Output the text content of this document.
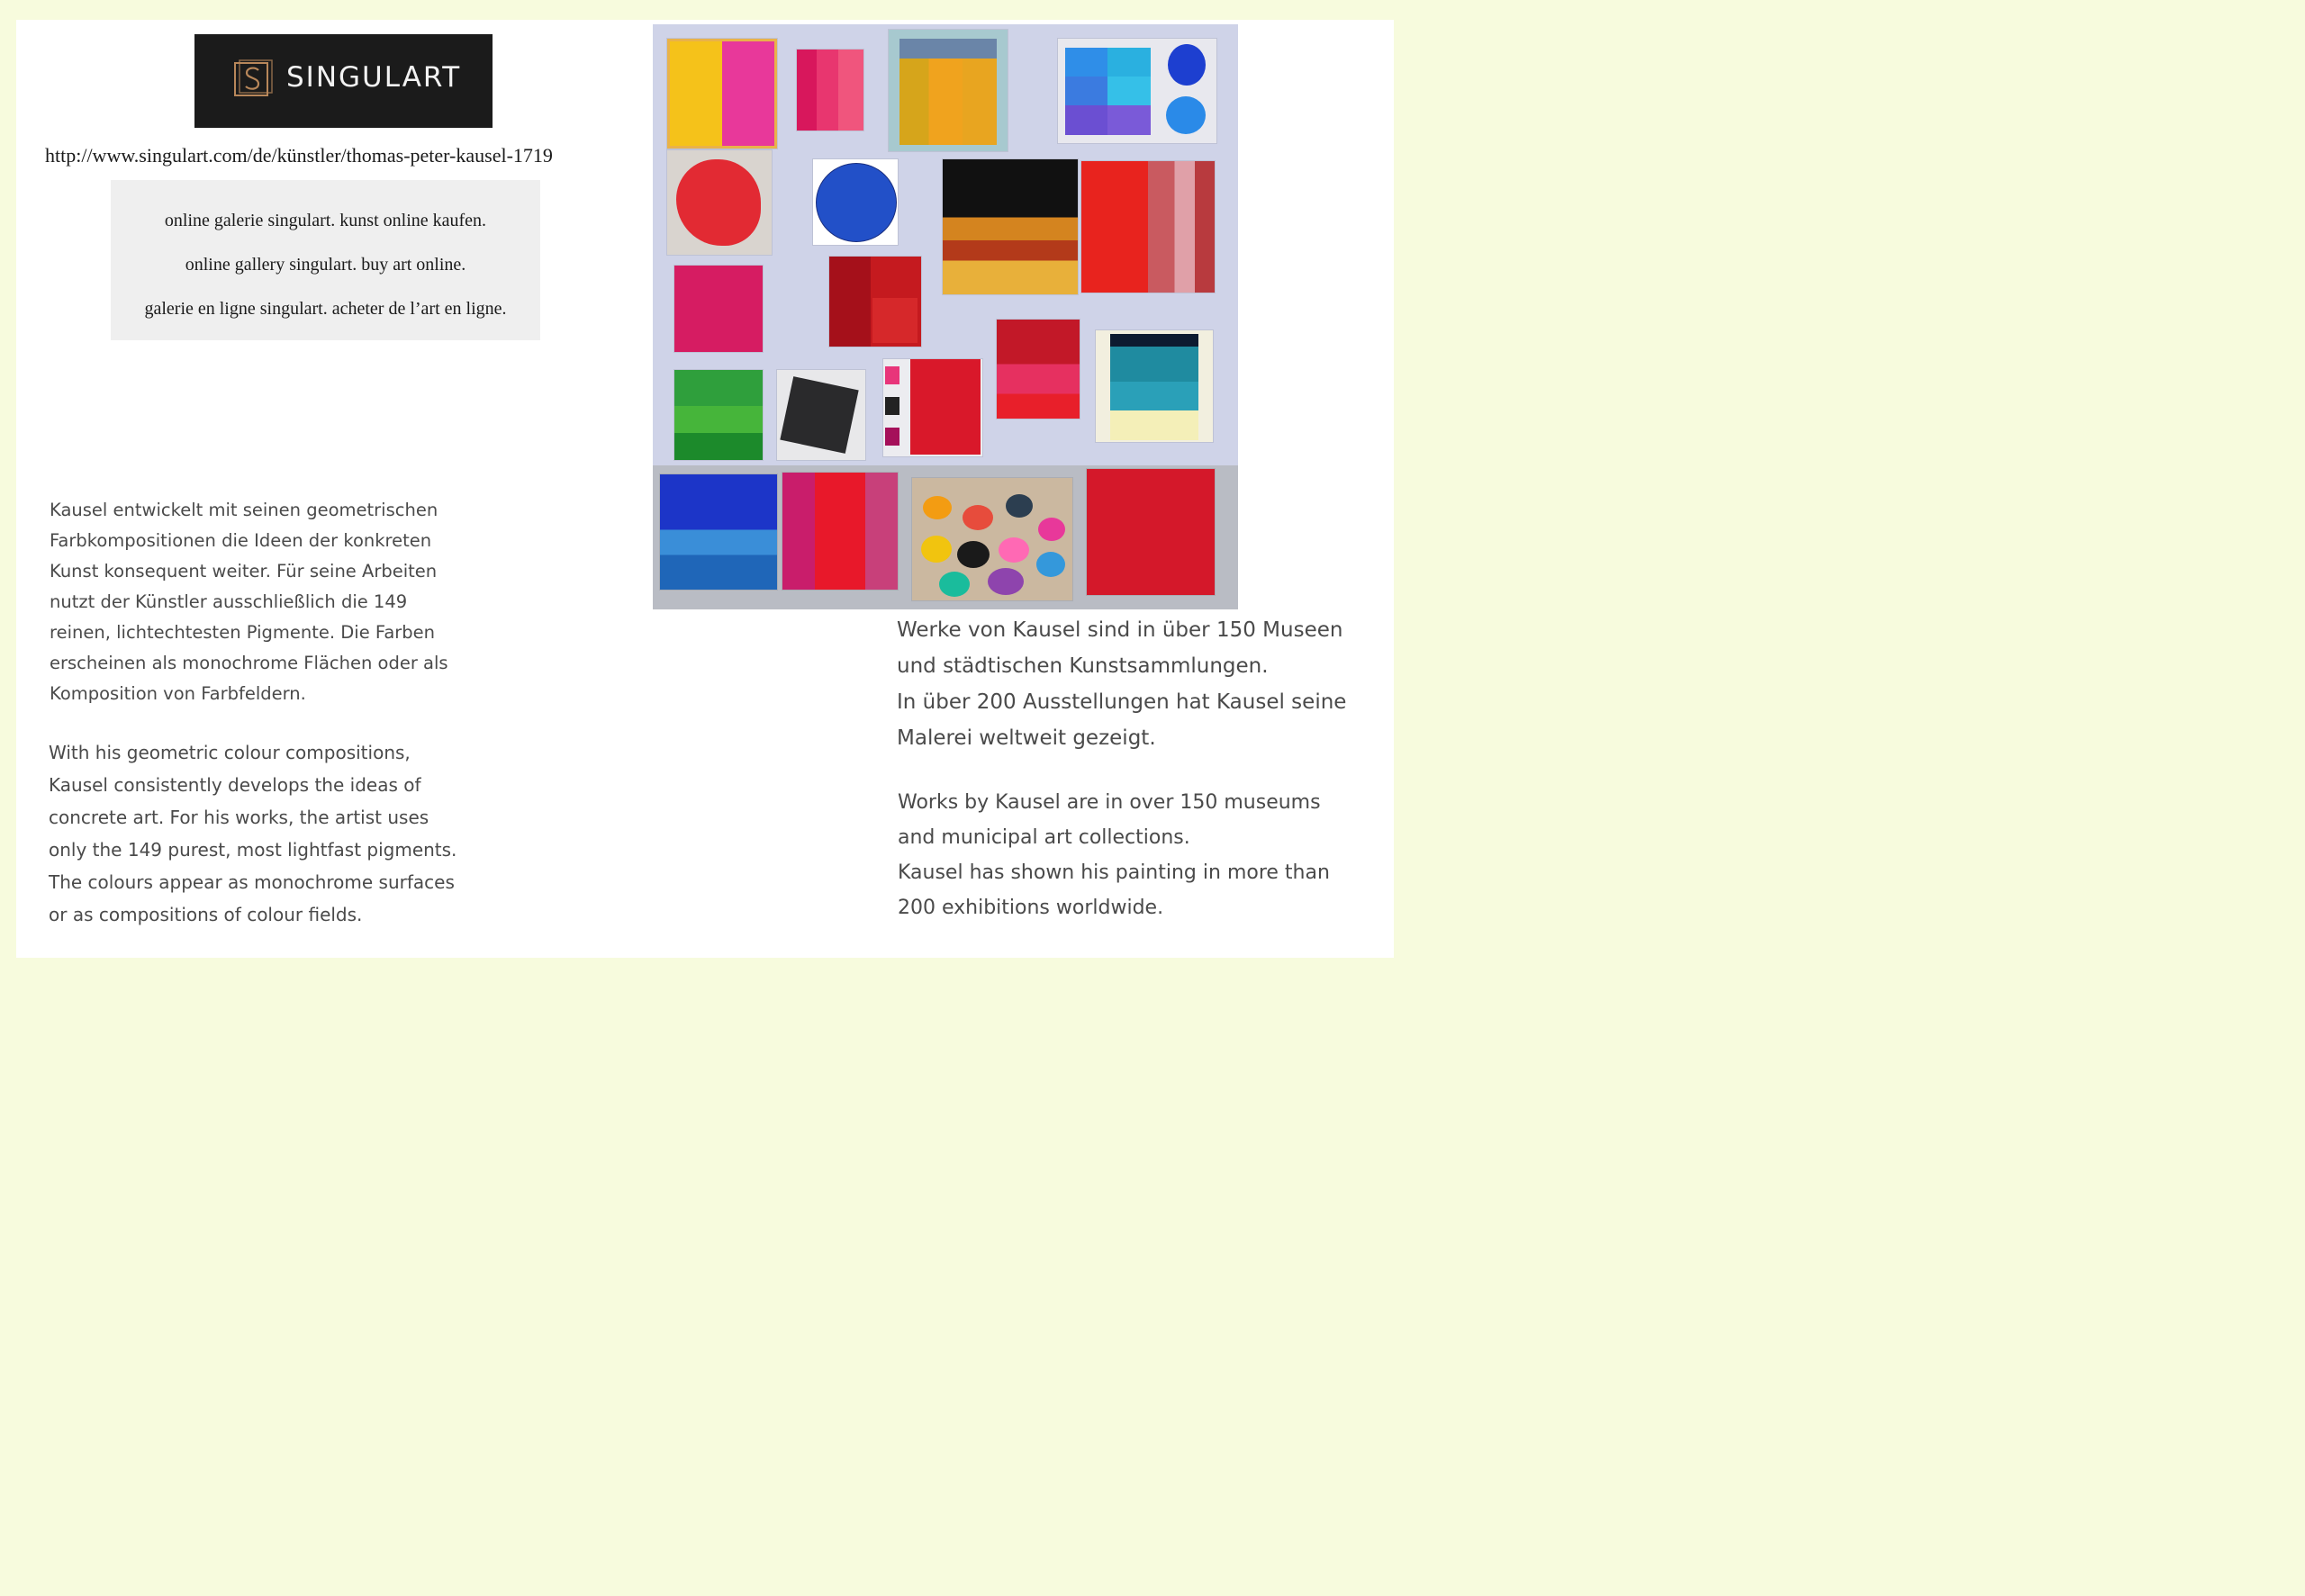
SINGULART
http://www.singulart.com/de/künstler/thomas-peter-kausel-1719
online galerie singulart. kunst online kaufen.
online gallery singulart. buy art online.
galerie en ligne singulart. acheter de l’art en ligne.

Kausel entwickelt mit seinen geometrischen

Farbkompositionen die Ideen der konkreten

Kunst konsequent weiter. Für seine Arbeiten

nutzt der Künstler ausschließlich die 149

reinen, lichtechtesten Pigmente. Die Farben

erscheinen als monochrome Flächen oder als

Komposition von Farbfeldern.

With his geometric colour compositions,

Kausel consistently develops the ideas of

concrete art. For his works, the artist uses

only the 149 purest, most lightfast pigments.

The colours appear as monochrome surfaces

or as compositions of colour fields.

Werke von Kausel sind in über 150 Museen

und städtischen Kunstsammlungen.

In über 200 Ausstellungen hat Kausel seine

Malerei weltweit gezeigt.

Works by Kausel are in over 150 museums

and municipal art collections.

Kausel has shown his painting in more than

200 exhibitions worldwide.
